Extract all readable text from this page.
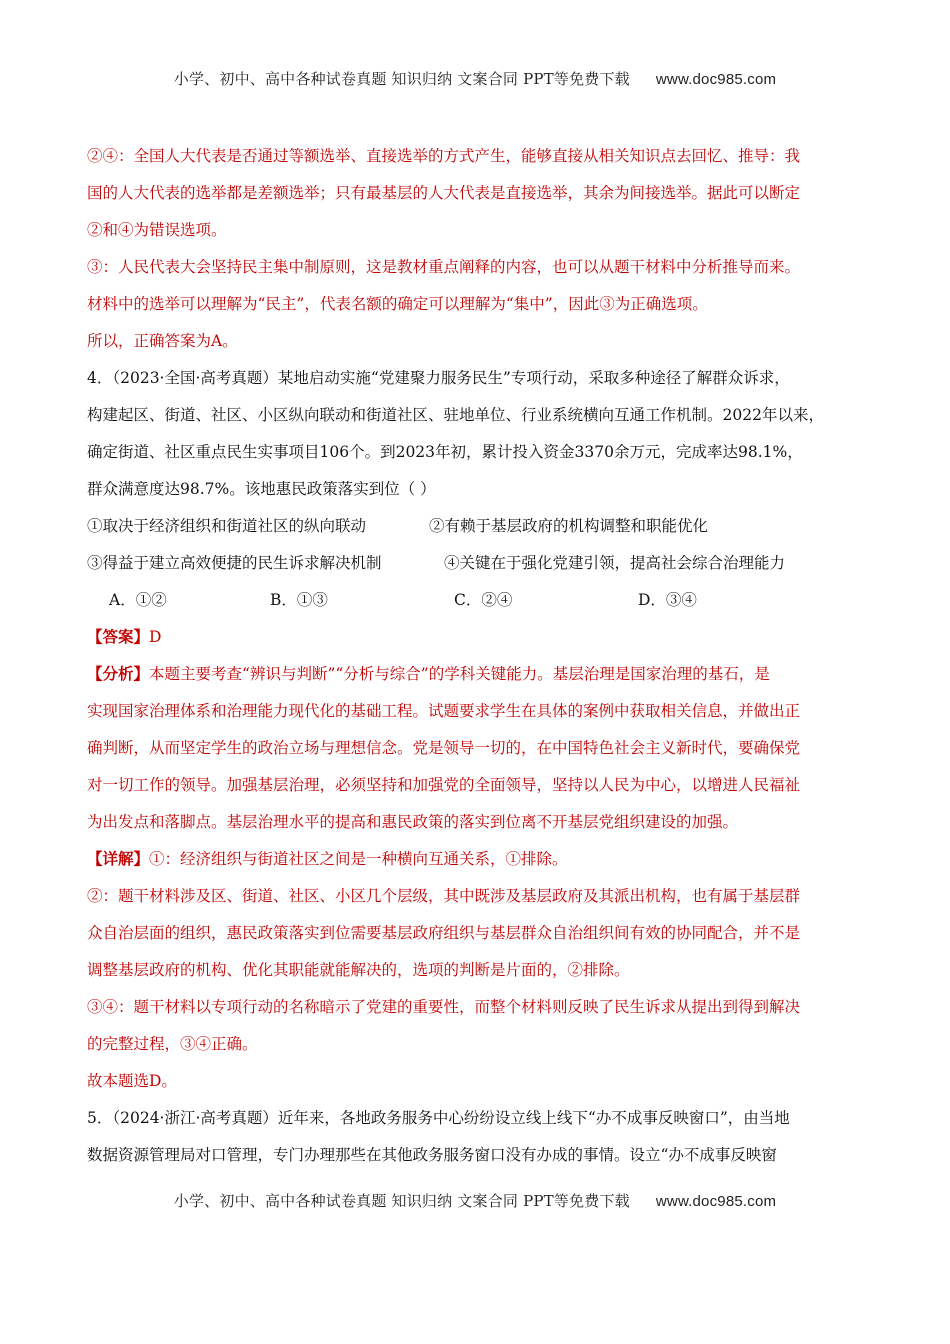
小学、初中、高中各种试卷真题 知识归纳 文案合同 PPT等免费下载 www.doc985.com
②④：全国人大代表是否通过等额选举、直接选举的方式产生，能够直接从相关知识点去回忆、推导：我
国的人大代表的选举都是差额选举；只有最基层的人大代表是直接选举，其余为间接选举。据此可以断定
②和④为错误选项。
③：人民代表大会坚持民主集中制原则，这是教材重点阐释的内容，也可以从题干材料中分析推导而来。
材料中的选举可以理解为“民主”，代表名额的确定可以理解为“集中”，因此③为正确选项。
所以，正确答案为A。
4．（2023·全国·高考真题）某地启动实施“党建聚力服务民生”专项行动，采取多种途径了解群众诉求，
构建起区、街道、社区、小区纵向联动和街道社区、驻地单位、行业系统横向互通工作机制。2022年以来，
确定街道、社区重点民生实事项目106个。到2023年初，累计投入资金3370余万元，完成率达98.1%，
群众满意度达98.7%。该地惠民政策落实到位（ ）
①取决于经济组织和街道社区的纵向联动	②有赖于基层政府的机构调整和职能优化
③得益于建立高效便捷的民生诉求解决机制	④关键在于强化党建引领，提高社会综合治理能力
A．①②	B．①③	C．②④	D．③④
【答案】D
【分析】本题主要考查“辨识与判断”“分析与综合”的学科关键能力。基层治理是国家治理的基石，是
实现国家治理体系和治理能力现代化的基础工程。试题要求学生在具体的案例中获取相关信息，并做出正
确判断，从而坚定学生的政治立场与理想信念。党是领导一切的，在中国特色社会主义新时代，要确保党
对一切工作的领导。加强基层治理，必须坚持和加强党的全面领导，坚持以人民为中心，以增进人民福祉
为出发点和落脚点。基层治理水平的提高和惠民政策的落实到位离不开基层党组织建设的加强。
【详解】①：经济组织与街道社区之间是一种横向互通关系，①排除。
②：题干材料涉及区、街道、社区、小区几个层级，其中既涉及基层政府及其派出机构，也有属于基层群
众自治层面的组织，惠民政策落实到位需要基层政府组织与基层群众自治组织间有效的协同配合，并不是
调整基层政府的机构、优化其职能就能解决的，选项的判断是片面的，②排除。
③④：题干材料以专项行动的名称暗示了党建的重要性，而整个材料则反映了民生诉求从提出到得到解决
的完整过程，③④正确。
故本题选D。
5．（2024·浙江·高考真题）近年来，各地政务服务中心纷纷设立线上线下“办不成事反映窗口”，由当地
数据资源管理局对口管理，专门办理那些在其他政务服务窗口没有办成的事情。设立“办不成事反映窗
小学、初中、高中各种试卷真题 知识归纳 文案合同 PPT等免费下载 www.doc985.com
